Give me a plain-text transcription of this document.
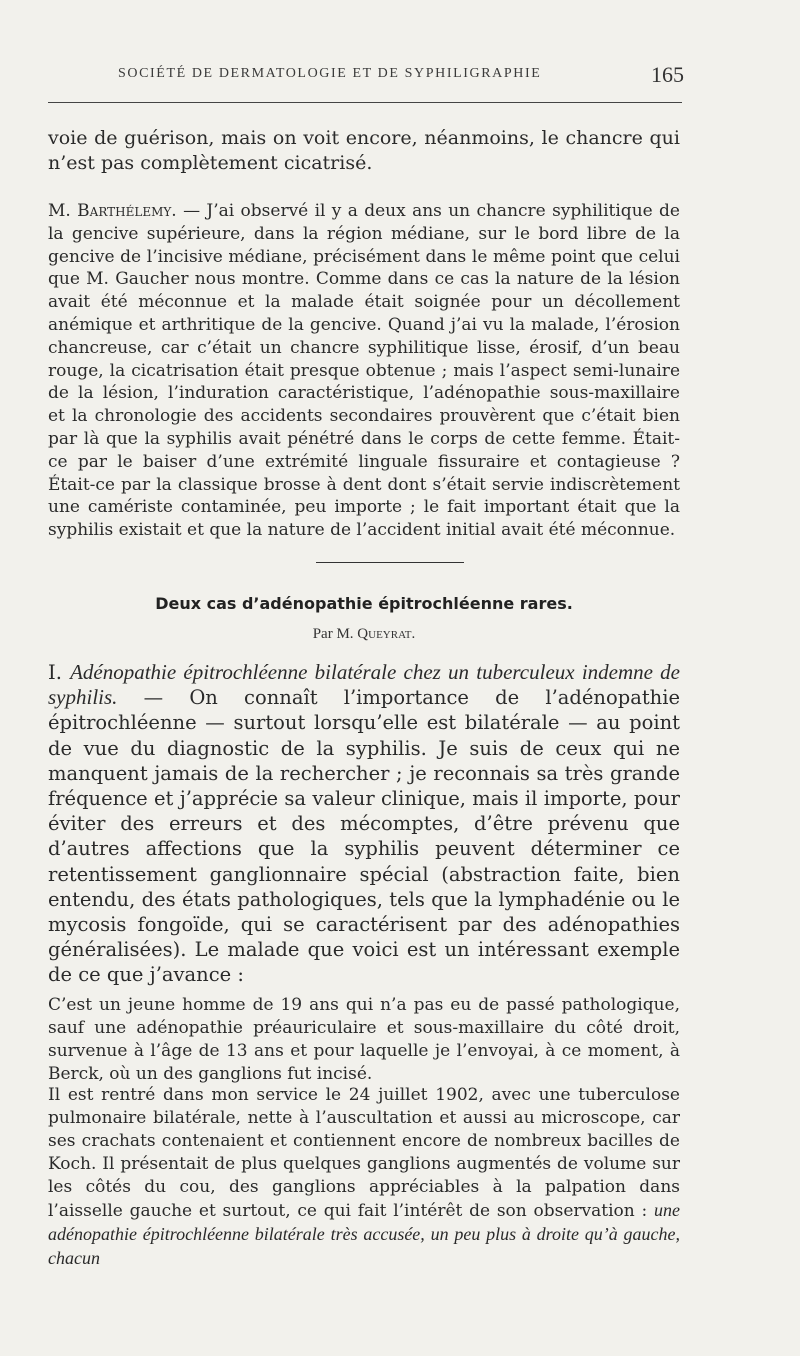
SOCIÉTÉ DE DERMATOLOGIE ET DE SYPHILIGRAPHIE	165

voie de guérison, mais on voit encore, néanmoins, le chancre qui n’est pas complètement cicatrisé.

M. Barthélemy. — J’ai observé il y a deux ans un chancre syphilitique de la gencive supérieure, dans la région médiane, sur le bord libre de la gencive de l’incisive médiane, précisément dans le même point que celui que M. Gaucher nous montre. Comme dans ce cas la nature de la lésion avait été méconnue et la malade était soignée pour un décollement anémique et arthritique de la gencive. Quand j’ai vu la malade, l’érosion chancreuse, car c’était un chancre syphilitique lisse, érosif, d’un beau rouge, la cicatrisation était presque obtenue ; mais l’aspect semi-lunaire de la lésion, l’induration caractéristique, l’adénopathie sous-maxillaire et la chronologie des accidents secondaires prouvèrent que c’était bien par là que la syphilis avait pénétré dans le corps de cette femme. Était-ce par le baiser d’une extrémité linguale fissuraire et contagieuse ? Était-ce par la classique brosse à dent dont s’était servie indiscrètement une camériste contaminée, peu importe ; le fait important était que la syphilis existait et que la nature de l’accident initial avait été méconnue.

Deux cas d’adénopathie épitrochléenne rares.
Par M. Queyrat.

I. Adénopathie épitrochléenne bilatérale chez un tuberculeux indemne de syphilis. — On connaît l’importance de l’adénopathie épitrochléenne — surtout lorsqu’elle est bilatérale — au point de vue du diagnostic de la syphilis. Je suis de ceux qui ne manquent jamais de la rechercher ; je reconnais sa très grande fréquence et j’apprécie sa valeur clinique, mais il importe, pour éviter des erreurs et des mécomptes, d’être prévenu que d’autres affections que la syphilis peuvent déterminer ce retentissement ganglionnaire spécial (abstraction faite, bien entendu, des états pathologiques, tels que la lymphadénie ou le mycosis fongoïde, qui se caractérisent par des adénopathies généralisées). Le malade que voici est un intéressant exemple de ce que j’avance :

C’est un jeune homme de 19 ans qui n’a pas eu de passé pathologique, sauf une adénopathie préauriculaire et sous-maxillaire du côté droit, survenue à l’âge de 13 ans et pour laquelle je l’envoyai, à ce moment, à Berck, où un des ganglions fut incisé.

Il est rentré dans mon service le 24 juillet 1902, avec une tuberculose pulmonaire bilatérale, nette à l’auscultation et aussi au microscope, car ses crachats contenaient et contiennent encore de nombreux bacilles de Koch. Il présentait de plus quelques ganglions augmentés de volume sur les côtés du cou, des ganglions appréciables à la palpation dans l’aisselle gauche et surtout, ce qui fait l’intérêt de son observation : une adénopathie épitrochléenne bilatérale très accusée, un peu plus à droite qu’à gauche, chacun
